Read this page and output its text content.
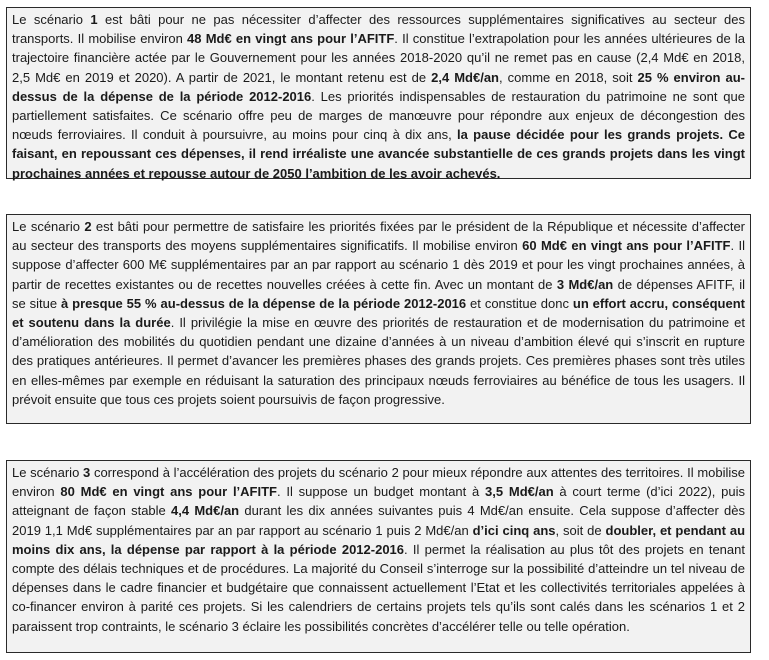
Le scénario 1 est bâti pour ne pas nécessiter d’affecter des ressources supplémentaires significatives au secteur des transports. Il mobilise environ 48 Md€ en vingt ans pour l’AFITF. Il constitue l’extrapolation pour les années ultérieures de la trajectoire financière actée par le Gouvernement pour les années 2018-2020 qu’il ne remet pas en cause (2,4 Md€ en 2018, 2,5 Md€ en 2019 et 2020). A partir de 2021, le montant retenu est de 2,4 Md€/an, comme en 2018, soit 25 % environ au-dessus de la dépense de la période 2012-2016. Les priorités indispensables de restauration du patrimoine ne sont que partiellement satisfaites. Ce scénario offre peu de marges de manœuvre pour répondre aux enjeux de décongestion des nœuds ferroviaires. Il conduit à poursuivre, au moins pour cinq à dix ans, la pause décidée pour les grands projets. Ce faisant, en repoussant ces dépenses, il rend irréaliste une avancée substantielle de ces grands projets dans les vingt prochaines années et repousse autour de 2050 l’ambition de les avoir achevés.
Le scénario 2 est bâti pour permettre de satisfaire les priorités fixées par le président de la République et nécessite d’affecter au secteur des transports des moyens supplémentaires significatifs. Il mobilise environ 60 Md€ en vingt ans pour l’AFITF. Il suppose d’affecter 600 M€ supplémentaires par an par rapport au scénario 1 dès 2019 et pour les vingt prochaines années, à partir de recettes existantes ou de recettes nouvelles créées à cette fin. Avec un montant de 3 Md€/an de dépenses AFITF, il se situe à presque 55 % au-dessus de la dépense de la période 2012-2016 et constitue donc un effort accru, conséquent et soutenu dans la durée. Il privilégie la mise en œuvre des priorités de restauration et de modernisation du patrimoine et d’amélioration des mobilités du quotidien pendant une dizaine d’années à un niveau d’ambition élevé qui s’inscrit en rupture des pratiques antérieures. Il permet d’avancer les premières phases des grands projets. Ces premières phases sont très utiles en elles-mêmes par exemple en réduisant la saturation des principaux nœuds ferroviaires au bénéfice de tous les usagers. Il prévoit ensuite que tous ces projets soient poursuivis de façon progressive.
Le scénario 3 correspond à l’accélération des projets du scénario 2 pour mieux répondre aux attentes des territoires. Il mobilise environ 80 Md€ en vingt ans pour l’AFITF. Il suppose un budget montant à 3,5 Md€/an à court terme (d’ici 2022), puis atteignant de façon stable 4,4 Md€/an durant les dix années suivantes puis 4 Md€/an ensuite. Cela suppose d’affecter dès 2019 1,1 Md€ supplémentaires par an par rapport au scénario 1 puis 2 Md€/an d’ici cinq ans, soit de doubler, et pendant au moins dix ans, la dépense par rapport à la période 2012-2016. Il permet la réalisation au plus tôt des projets en tenant compte des délais techniques et de procédures. La majorité du Conseil s’interroge sur la possibilité d’atteindre un tel niveau de dépenses dans le cadre financier et budgétaire que connaissent actuellement l’Etat et les collectivités territoriales appelées à co-financer environ à parité ces projets. Si les calendriers de certains projets tels qu’ils sont calés dans les scénarios 1 et 2 paraissent trop contraints, le scénario 3 éclaire les possibilités concrètes d’accélérer telle ou telle opération.
